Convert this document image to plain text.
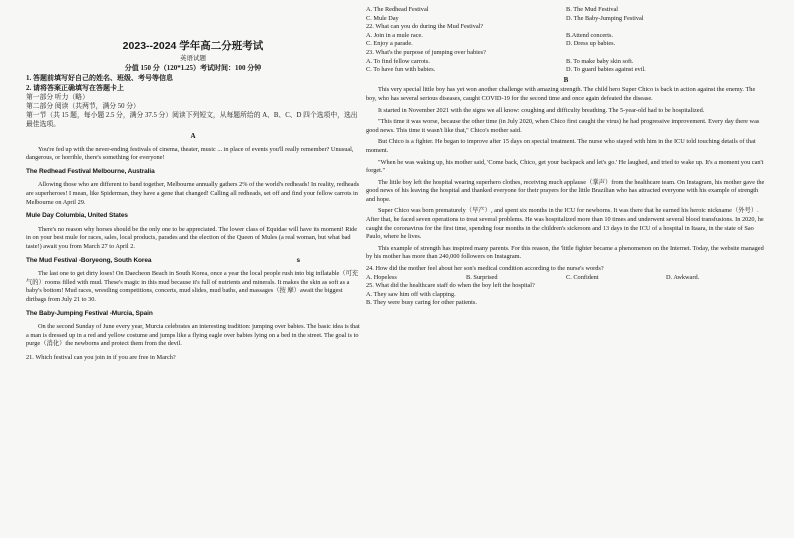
2023--2024 学年高二分班考试
英语试题
分值 150 分（120*1.25）考试时间：100 分钟
1. 答题前填写好自己的姓名、班级、考号等信息
2. 请将答案正确填写在答题卡上
第一部分 听力（略）
第二部分 阅读（共两节，满分 50 分）
第一节（共 15 题，每小题 2.5 分，满分 37.5 分）阅读下列短文，从每题所给的 A、B、C、D 四个选项中，选出最佳选项。
A

You're fed up with the never-ending festivals of cinema, theater, music ... in place of events you'll really remember? Unusual, dangerous, or horrible, there's something for everyone!

The Redhead Festival Melbourne, Australia

Allowing those who are different to band together, Melbourne annually gathers 2% of the world's redheads! In reality, redheads are superheroes! I mean, like Spiderman, they have a gene that changed! Calling all redheads, set off and find your fellow carrots in Melbourne on April 29.

Mule Day Columbia, United States

There's no reason why horses should be the only one to be appreciated. The lower class of Equidae will have its moment! Ride in on your best mule for races, sales, local products, parades and the election of the Queen of Mules (a real woman, but what bad taste!) await you from March 27 to April 2.

The Mud Festival -Boryeong, South Korea	s

The last one to get dirty loses! On Daecheon Beach in South Korea, once a year the local people rush into big inflatable（可充气的）rooms filled with mud. These's magic in this mud because it's full of nutrients and minerals. It makes the skin as soft as a baby's bottom! Mud races, wrestling competitions, concerts, mud slides, mud baths, and massages（按 摩）await the biggest dirtbags from July 21 to 30.

The Baby-Jumping Festival -Murcia, Spain

On the second Sunday of June every year, Murcia celebrates an interesting tradition: jumping over babies. The basic idea is that a man is dressed up in a red and yellow costume and jumps like a flying eagle over babies lying on a bed in the street. The goal is to purge（消化）the newborns and protect them from the devil.

21. Which festival can you join in if you are free in March?

A. The Redhead Festival	B. The Mud Festival

C. Mule Day	D. The Baby-Jumping Festival

22. What can you do during the Mud Festival?

A. Join in a mule race.	B.Attend concerts.

C. Enjoy a parade.	D. Dress up babies.

23. What's the purpose of jumping over babies?

A. To find fellow carrots.	B. To make baby skin soft.

C. To have fun with babies.	D. To guard babies against evil.

B

This very special little boy has yet won another challenge with amazing strength. The child hero Super Chico is back in action against the enemy. The boy, who has several serious diseases, caught COVID-19 for the second time and once again defeated the disease.

It started in November 2021 with the signs we all know: coughing and difficulty breathing. The 5-year-old had to be hospitalized.

"This time it was worse, because the other time (in July 2020, when Chico first caught the virus) he had progressive improvement. Every day there was good news. This time it wasn't like that," Chico's mother said.

But Chico is a fighter. He began to improve after 15 days on special treatment. The nurse who stayed with him in the ICU told touching details of that moment.

"When he was waking up, his mother said, 'Come back, Chico, get your backpack and let's go.' He laughed, and tried to wake up. It's a moment you can't forget."

The little boy left the hospital wearing superhero clothes, receiving much applause（掌声）from the healthcare team. On Instagram, his mother gave the good news of his leaving the hospital and thanked everyone for their prayers for the little Brazilian who has attracted everyone with his example of strength and hope.

Super Chico was born prematurely（早产）, and spent six months in the ICU for newborns. It was there that he earned his heroic nickname（外号）. After that, he faced seven operations to treat several problems. He was hospitalized more than 10 times and underwent several blood transfusions. In 2020, he caught the coronavirus for the first time, spending four months in the children's sickroom and 13 days in the ICU of a hospital in Itaara, in the state of Sao Paulo, where he lives.

This example of strength has inspired many parents. For this reason, the 'little fighter became a phenomenon on the Internet. Today, the website managed by his mother has more than 240,000 followers on Instagram.

24. How did the mother feel about her son's medical condition according to the nurse's words?

A. Hopeless	B. Surprised	C. Confident	D. Awkward.

25. What did the healthcare staff do when the boy left the hospital?

A. They saw him off with clapping.

B. They were busy caring for other patients.
